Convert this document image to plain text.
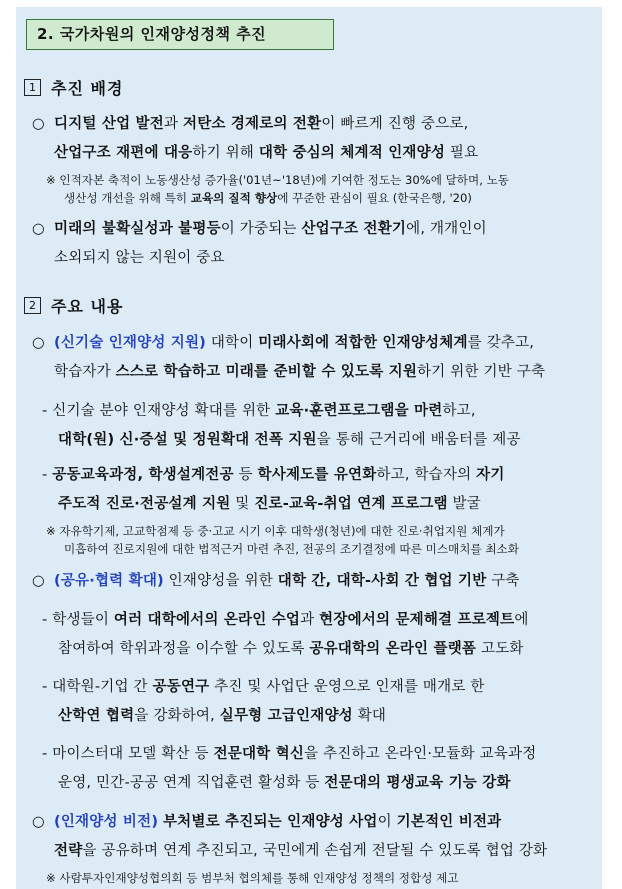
2. 국가차원의 인재양성정책 추진
1 추진 배경
○ 디지털 산업 발전과 저탄소 경제로의 전환이 빠르게 진행 중으로,
산업구조 재편에 대응하기 위해 대학 중심의 체계적 인재양성 필요
※ 인적자본 축적이 노동생산성 증가율('01년~'18년)에 기여한 정도는 30%에 달하며, 노동
생산성 개선을 위해 특히 교육의 질적 향상에 꾸준한 관심이 필요 (한국은행, '20)
○ 미래의 불확실성과 불평등이 가중되는 산업구조 전환기에, 개개인이
소외되지 않는 지원이 중요
2 주요 내용
○ (신기술 인재양성 지원) 대학이 미래사회에 적합한 인재양성체계를 갖추고,
학습자가 스스로 학습하고 미래를 준비할 수 있도록 지원하기 위한 기반 구축
- 신기술 분야 인재양성 확대를 위한 교육·훈련프로그램을 마련하고,
대학(원) 신·증설 및 정원확대 전폭 지원을 통해 근거리에 배움터를 제공
- 공동교육과정, 학생설계전공 등 학사제도를 유연화하고, 학습자의 자기
주도적 진로·전공설계 지원 및 진로-교육-취업 연계 프로그램 발굴
※ 자유학기제, 고교학점제 등 중·고교 시기 이후 대학생(청년)에 대한 진로·취업지원 체계가
미흡하여 진로지원에 대한 법적근거 마련 추진, 전공의 조기결정에 따른 미스매치를 최소화
○ (공유·협력 확대) 인재양성을 위한 대학 간, 대학-사회 간 협업 기반 구축
- 학생들이 여러 대학에서의 온라인 수업과 현장에서의 문제해결 프로젝트에
참여하여 학위과정을 이수할 수 있도록 공유대학의 온라인 플랫폼 고도화
- 대학원-기업 간 공동연구 추진 및 사업단 운영으로 인재를 매개로 한
산학연 협력을 강화하여, 실무형 고급인재양성 확대
- 마이스터대 모델 확산 등 전문대학 혁신을 추진하고 온라인·모듈화 교육과정
운영, 민간-공공 연계 직업훈련 활성화 등 전문대의 평생교육 기능 강화
○ (인재양성 비전) 부처별로 추진되는 인재양성 사업이 기본적인 비전과
전략을 공유하며 연계 추진되고, 국민에게 손쉽게 전달될 수 있도록 협업 강화
※ 사람투자인재양성협의회 등 범부처 협의체를 통해 인재양성 정책의 정합성 제고
